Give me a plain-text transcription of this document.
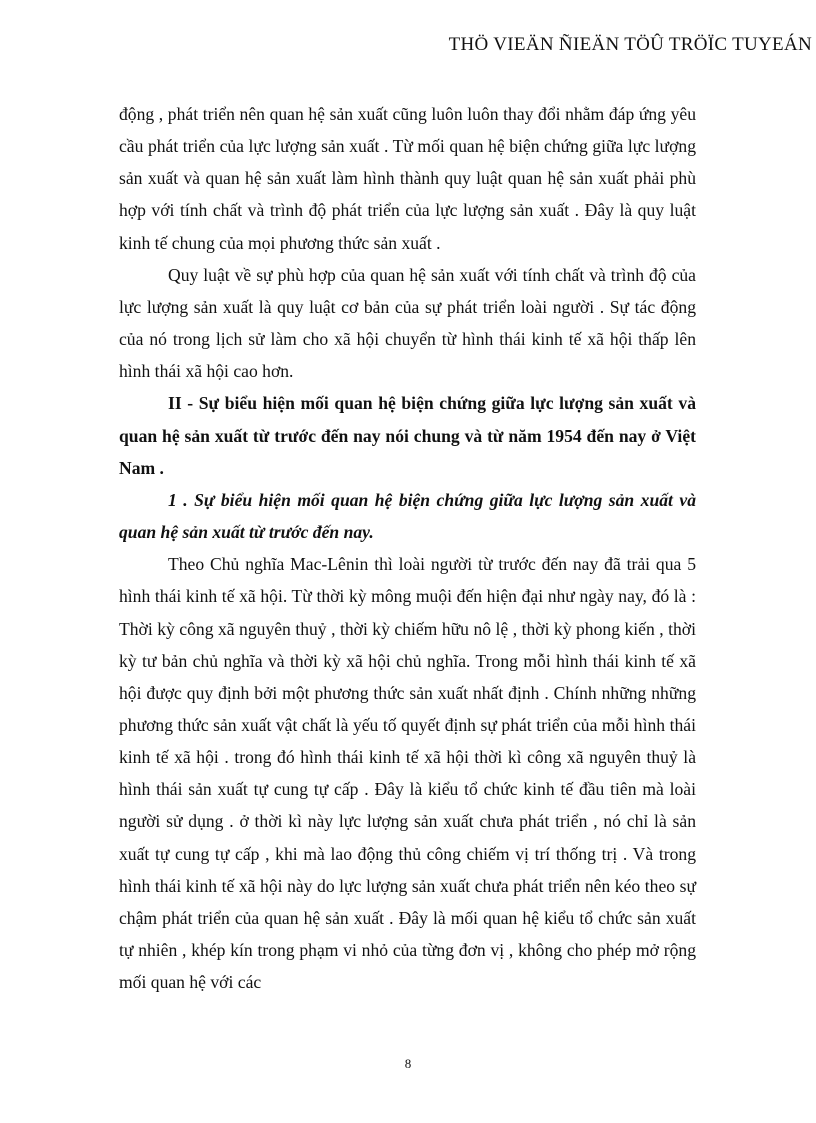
THÖ VIEÄN ÑIEÄN TÖÛ TRÖÏC TUYEÁN

động , phát triển nên quan hệ sản xuất cũng luôn luôn thay đổi nhằm đáp ứng yêu cầu phát triển của lực lượng sản xuất . Từ mối quan hệ biện chứng giữa lực lượng sản xuất và quan hệ sản xuất làm hình thành quy luật quan hệ sản xuất phải phù hợp với tính chất và trình độ phát triển của lực lượng sản xuất . Đây là quy luật kinh tế chung của mọi phương thức sản xuất .

Quy luật về sự phù hợp của quan hệ sản xuất với tính chất và trình độ của lực lượng sản xuất là quy luật cơ bản của sự phát triển loài người . Sự tác động của nó trong lịch sử làm cho xã hội chuyển từ hình thái kinh tế xã hội thấp lên hình thái xã hội cao hơn.

II - Sự biểu hiện mối quan hệ biện chứng giữa lực lượng sản xuất và quan hệ sản xuất từ trước đến nay nói chung và từ năm 1954 đến nay ở Việt Nam .

1 . Sự biểu hiện mối quan hệ biện chứng giữa lực lượng sản xuất và quan hệ sản xuất từ trước đến nay.

Theo Chủ nghĩa Mac-Lênin thì loài người từ trước đến nay đã trải qua 5 hình thái kinh tế xã hội. Từ thời kỳ mông muội đến hiện đại như ngày nay, đó là : Thời kỳ công xã nguyên thuỷ , thời kỳ chiếm hữu nô lệ , thời kỳ phong kiến , thời kỳ tư bản chủ nghĩa và thời kỳ xã hội chủ nghĩa. Trong mỗi hình thái kinh tế xã hội được quy định bởi một phương thức sản xuất nhất định . Chính những những phương thức sản xuất vật chất là yếu tố quyết định sự phát triển của mỗi hình thái kinh tế xã hội . trong đó hình thái kinh tế xã hội thời kì công xã nguyên thuỷ là hình thái sản xuất tự cung tự cấp . Đây là kiểu tổ chức kinh tế đầu tiên mà loài người sử dụng . ở thời kì này lực lượng sản xuất chưa phát triển , nó chỉ là sản xuất tự cung tự cấp , khi mà lao động thủ công chiếm vị trí thống trị . Và trong hình thái kinh tế xã hội này do lực lượng sản xuất chưa phát triển nên kéo theo sự chậm phát triển của quan hệ sản xuất . Đây là mối quan hệ kiểu tổ chức sản xuất tự nhiên , khép kín trong phạm vi nhỏ của từng đơn vị , không cho phép mở rộng mối quan hệ với các

8
